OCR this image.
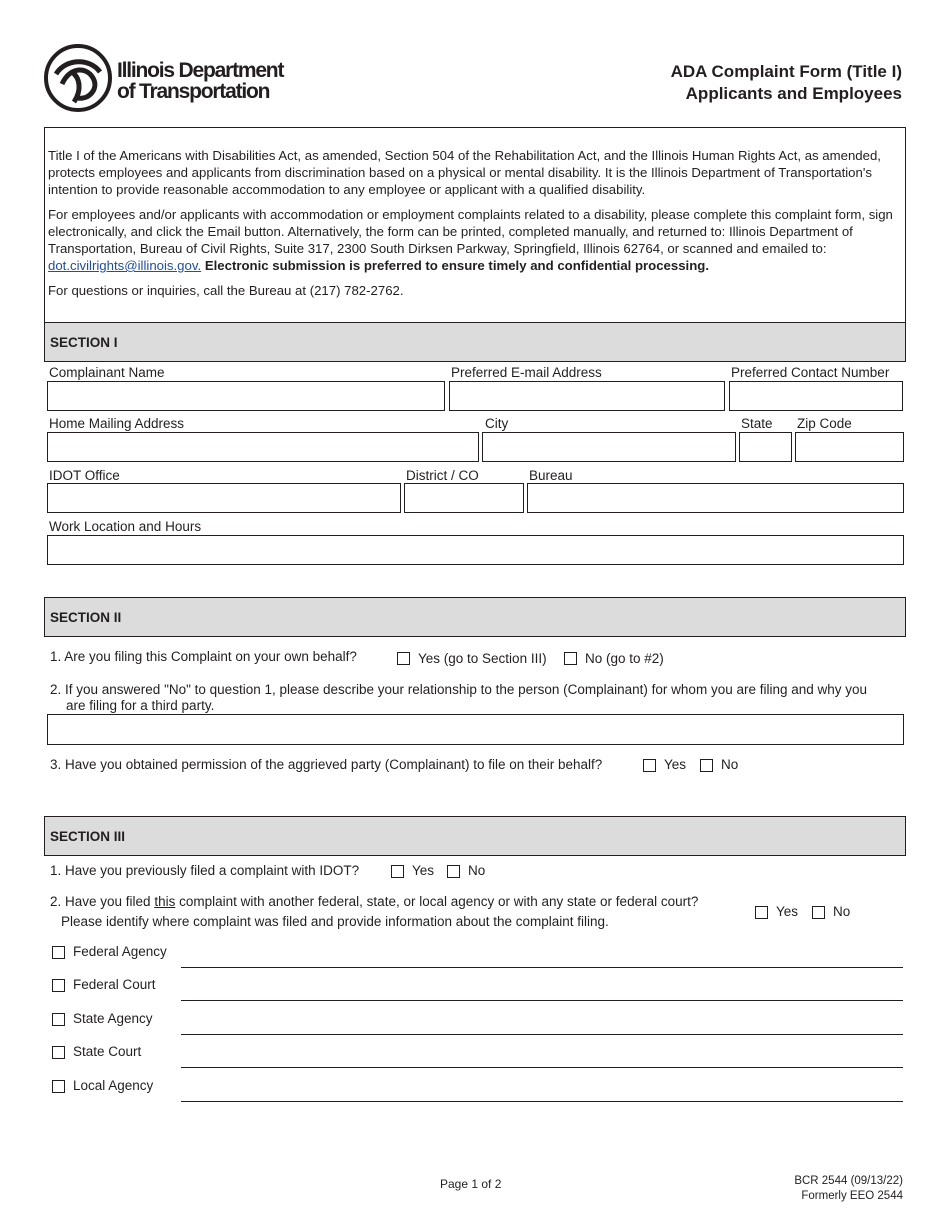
Illinois Department
of Transportation
ADA Complaint Form (Title I)
Applicants and Employees

Title I of the Americans with Disabilities Act, as amended, Section 504 of the Rehabilitation Act, and the Illinois Human Rights Act, as amended, protects employees and applicants from discrimination based on a physical or mental disability. It is the Illinois Department of Transportation's intention to provide reasonable accommodation to any employee or applicant with a qualified disability.

For employees and/or applicants with accommodation or employment complaints related to a disability, please complete this complaint form, sign electronically, and click the Email button. Alternatively, the form can be printed, completed manually, and returned to: Illinois Department of Transportation, Bureau of Civil Rights, Suite 317, 2300 South Dirksen Parkway, Springfield, Illinois 62764, or scanned and emailed to: dot.civilrights@illinois.gov. Electronic submission is preferred to ensure timely and confidential processing.

For questions or inquiries, call the Bureau at (217) 782-2762.

SECTION I
Complainant Name	Preferred E-mail Address	Preferred Contact Number
Home Mailing Address	City	State Zip Code
IDOT Office	District / CO	Bureau
Work Location and Hours
SECTION II
1. Are you filing this Complaint on your own behalf?	Yes (go to Section III)	No (go to #2)
2. If you answered "No" to question 1, please describe your relationship to the person (Complainant) for whom you are filing and why you
are filing for a third party.
3. Have you obtained permission of the aggrieved party (Complainant) to file on their behalf?	Yes	No
SECTION III
1. Have you previously filed a complaint with IDOT?	Yes	No
2. Have you filed this complaint with another federal, state, or local agency or with any state or federal court?
Please identify where complaint was filed and provide information about the complaint filing.
Yes	No
Federal Agency
Federal Court
State Agency
State Court
Local Agency
Page 1 of 2	BCR 2544 (09/13/22)
Formerly EEO 2544
